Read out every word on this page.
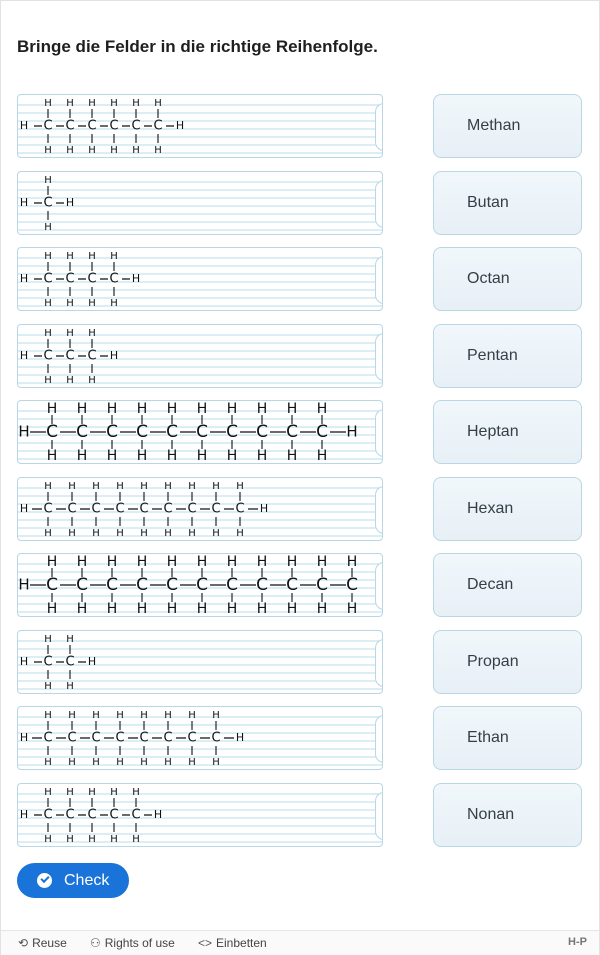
Bringe die Felder in die richtige Reihenfolge.
H C
H
H
C
H
H
C
H
H
C
H
H
C
H
H
C
H
H
H
H C
H
H
H
H C
H
H
C
H
H
C
H
H
C
H
H
H
H C
H
H
C
H
H
C
H
H
H
H C
H
H
C
H
H
C
H
H
C
H
H
C
H
H
C
H
H
C
H
H
C
H
H
C
H
H
C
H
H
H
H C
H
H
C
H
H
C
H
H
C
H
H
C
H
H
C
H
H
C
H
H
C
H
H
C
H
H
H
H C
H
H
C
H
H
C
H
H
C
H
H
C
H
H
C
H
H
C
H
H
C
H
H
C
H
H
C
H
H
C
H
H
H C
H
H
C
H
H
H
H C
H
H
C
H
H
C
H
H
C
H
H
C
H
H
C
H
H
C
H
H
C
H
H
H
H C
H
H
C
H
H
C
H
H
C
H
H
C
H
H
H
Methan
Butan
Octan
Pentan
Heptan
Hexan
Decan
Propan
Ethan
Nonan
Check
⟲ Reuse ⚇ Rights of use <> Einbetten	H-P
